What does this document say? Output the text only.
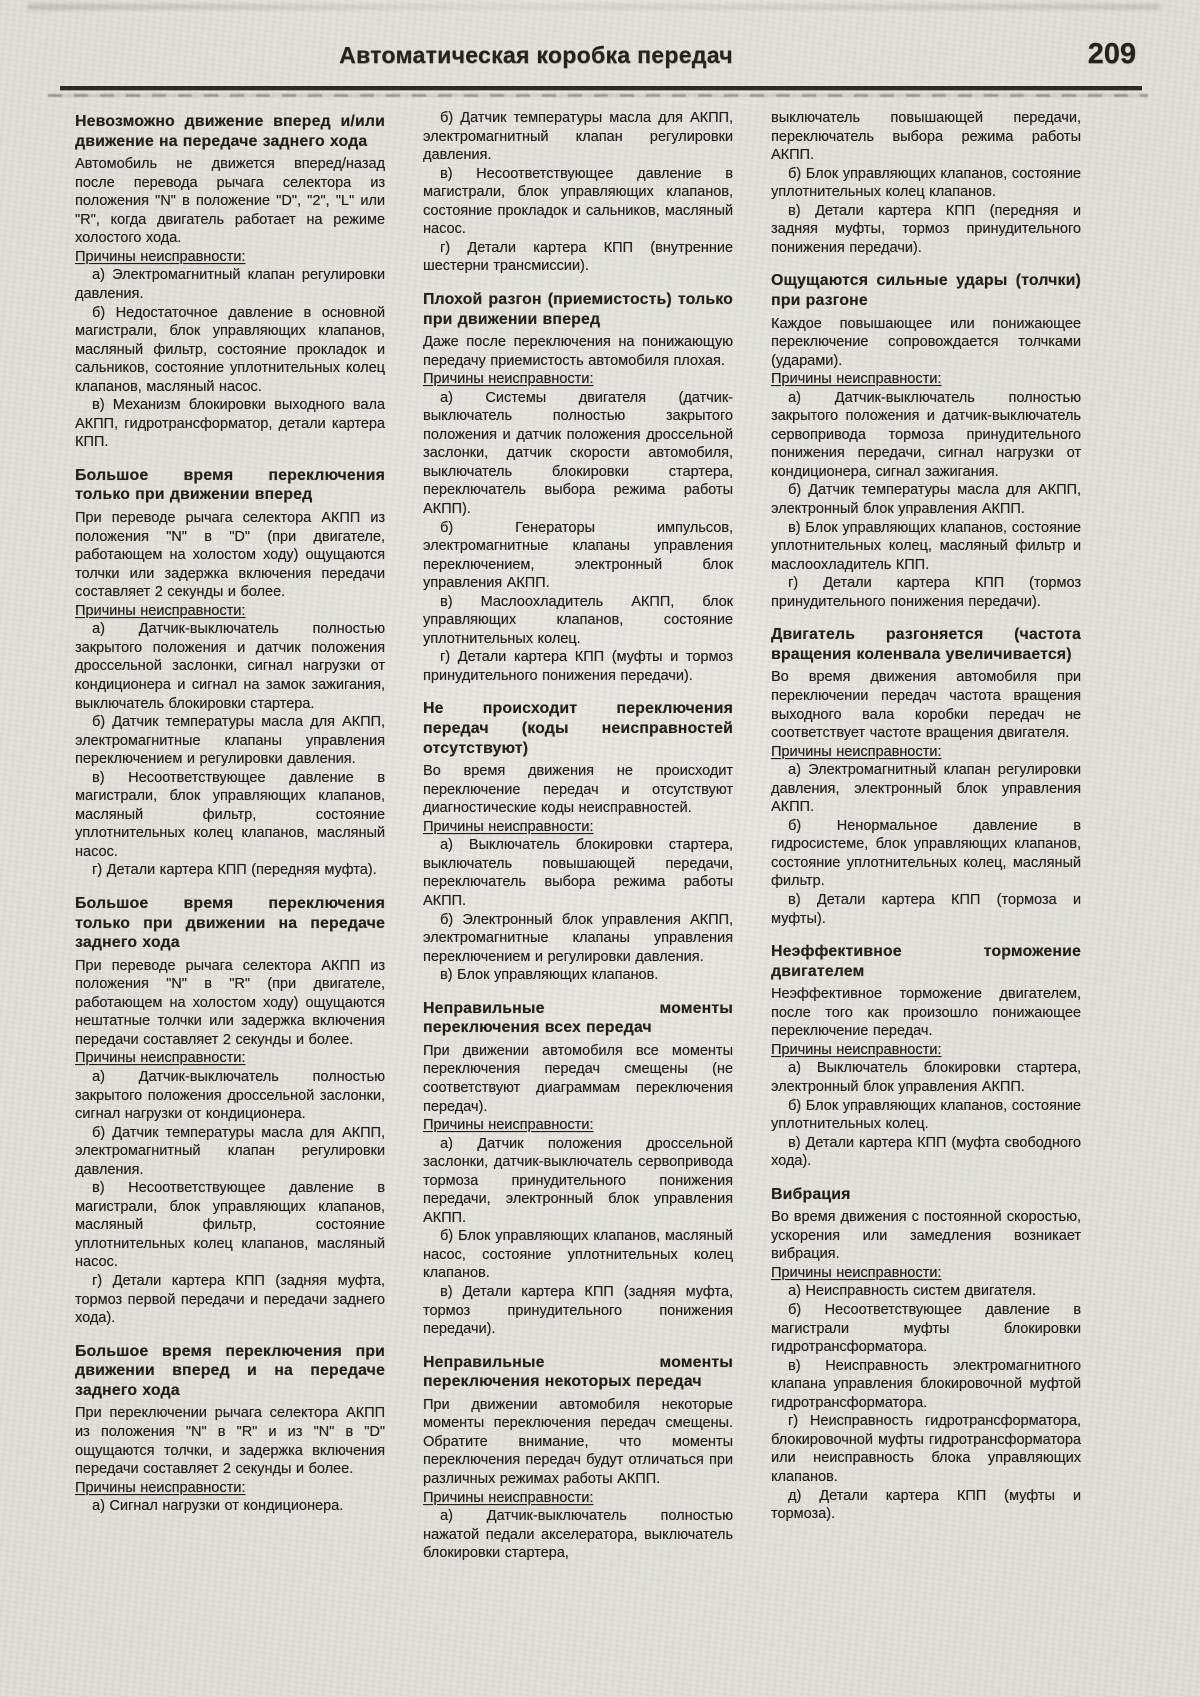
Автоматическая коробка передач	209

Невозможно движение вперед и/или движение на передаче заднего хода

Автомобиль не движется вперед/назад после перевода рычага селектора из положения "N" в положение "D", "2", "L" или "R", когда двигатель работает на режиме холостого хода.

Причины неисправности:

а) Электромагнитный клапан регулировки давления.

б) Недостаточное давление в основной магистрали, блок управляющих клапанов, масляный фильтр, состояние прокладок и сальников, состояние уплотнительных колец клапанов, масляный насос.

в) Механизм блокировки выходного вала АКПП, гидротрансформатор, детали картера КПП.

Большое время переключения только при движении вперед

При переводе рычага селектора АКПП из положения "N" в "D" (при двигателе, работающем на холостом ходу) ощущаются толчки или задержка включения передачи составляет 2 секунды и более.

Причины неисправности:

а) Датчик-выключатель полностью закрытого положения и датчик положения дроссельной заслонки, сигнал нагрузки от кондиционера и сигнал на замок зажигания, выключатель блокировки стартера.

б) Датчик температуры масла для АКПП, электромагнитные клапаны управления переключением и регулировки давления.

в) Несоответствующее давление в магистрали, блок управляющих клапанов, масляный фильтр, состояние уплотнительных колец клапанов, масляный насос.

г) Детали картера КПП (передняя муфта).

Большое время переключения только при движении на передаче заднего хода

При переводе рычага селектора АКПП из положения "N" в "R" (при двигателе, работающем на холостом ходу) ощущаются нештатные толчки или задержка включения передачи составляет 2 секунды и более.

Причины неисправности:

а) Датчик-выключатель полностью закрытого положения дроссельной заслонки, сигнал нагрузки от кондиционера.

б) Датчик температуры масла для АКПП, электромагнитный клапан регулировки давления.

в) Несоответствующее давление в магистрали, блок управляющих клапанов, масляный фильтр, состояние уплотнительных колец клапанов, масляный насос.

г) Детали картера КПП (задняя муфта, тормоз первой передачи и передачи заднего хода).

Большое время переключения при движении вперед и на передаче заднего хода

При переключении рычага селектора АКПП из положения "N" в "R" и из "N" в "D" ощущаются толчки, и задержка включения передачи составляет 2 секунды и более.

Причины неисправности:

а) Сигнал нагрузки от кондиционера.

б) Датчик температуры масла для АКПП, электромагнитный клапан регулировки давления.

в) Несоответствующее давление в магистрали, блок управляющих клапанов, состояние прокладок и сальников, масляный насос.

г) Детали картера КПП (внутренние шестерни трансмиссии).

Плохой разгон (приемистость) только при движении вперед

Даже после переключения на понижающую передачу приемистость автомобиля плохая.

Причины неисправности:

а) Системы двигателя (датчик-выключатель полностью закрытого положения и датчик положения дроссельной заслонки, датчик скорости автомобиля, выключатель блокировки стартера, переключатель выбора режима работы АКПП).

б) Генераторы импульсов, электромагнитные клапаны управления переключением, электронный блок управления АКПП.

в) Маслоохладитель АКПП, блок управляющих клапанов, состояние уплотнительных колец.

г) Детали картера КПП (муфты и тормоз принудительного понижения передачи).

Не происходит переключения передач (коды неисправностей отсутствуют)

Во время движения не происходит переключение передач и отсутствуют диагностические коды неисправностей.

Причины неисправности:

а) Выключатель блокировки стартера, выключатель повышающей передачи, переключатель выбора режима работы АКПП.

б) Электронный блок управления АКПП, электромагнитные клапаны управления переключением и регулировки давления.

в) Блок управляющих клапанов.

Неправильные моменты переключения всех передач

При движении автомобиля все моменты переключения передач смещены (не соответствуют диаграммам переключения передач).

Причины неисправности:

а) Датчик положения дроссельной заслонки, датчик-выключатель сервопривода тормоза принудительного понижения передачи, электронный блок управления АКПП.

б) Блок управляющих клапанов, масляный насос, состояние уплотнительных колец клапанов.

в) Детали картера КПП (задняя муфта, тормоз принудительного понижения передачи).

Неправильные моменты переключения некоторых передач

При движении автомобиля некоторые моменты переключения передач смещены. Обратите внимание, что моменты переключения передач будут отличаться при различных режимах работы АКПП.

Причины неисправности:

а) Датчик-выключатель полностью нажатой педали акселератора, выключатель блокировки стартера,

выключатель повышающей передачи, переключатель выбора режима работы АКПП.

б) Блок управляющих клапанов, состояние уплотнительных колец клапанов.

в) Детали картера КПП (передняя и задняя муфты, тормоз принудительного понижения передачи).

Ощущаются сильные удары (толчки) при разгоне

Каждое повышающее или понижающее переключение сопровождается толчками (ударами).

Причины неисправности:

а) Датчик-выключатель полностью закрытого положения и датчик-выключатель сервопривода тормоза принудительного понижения передачи, сигнал нагрузки от кондиционера, сигнал зажигания.

б) Датчик температуры масла для АКПП, электронный блок управления АКПП.

в) Блок управляющих клапанов, состояние уплотнительных колец, масляный фильтр и маслоохладитель КПП.

г) Детали картера КПП (тормоз принудительного понижения передачи).

Двигатель разгоняется (частота вращения коленвала увеличивается)

Во время движения автомобиля при переключении передач частота вращения выходного вала коробки передач не соответствует частоте вращения двигателя.

Причины неисправности:

а) Электромагнитный клапан регулировки давления, электронный блок управления АКПП.

б) Ненормальное давление в гидросистеме, блок управляющих клапанов, состояние уплотнительных колец, масляный фильтр.

в) Детали картера КПП (тормоза и муфты).

Неэффективное торможение двигателем

Неэффективное торможение двигателем, после того как произошло понижающее переключение передач.

Причины неисправности:

а) Выключатель блокировки стартера, электронный блок управления АКПП.

б) Блок управляющих клапанов, состояние уплотнительных колец.

в) Детали картера КПП (муфта свободного хода).

Вибрация

Во время движения с постоянной скоростью, ускорения или замедления возникает вибрация.

Причины неисправности:

а) Неисправность систем двигателя.

б) Несоответствующее давление в магистрали муфты блокировки гидротрансформатора.

в) Неисправность электромагнитного клапана управления блокировочной муфтой гидротрансформатора.

г) Неисправность гидротрансформатора, блокировочной муфты гидротрансформатора или неисправность блока управляющих клапанов.

д) Детали картера КПП (муфты и тормоза).
